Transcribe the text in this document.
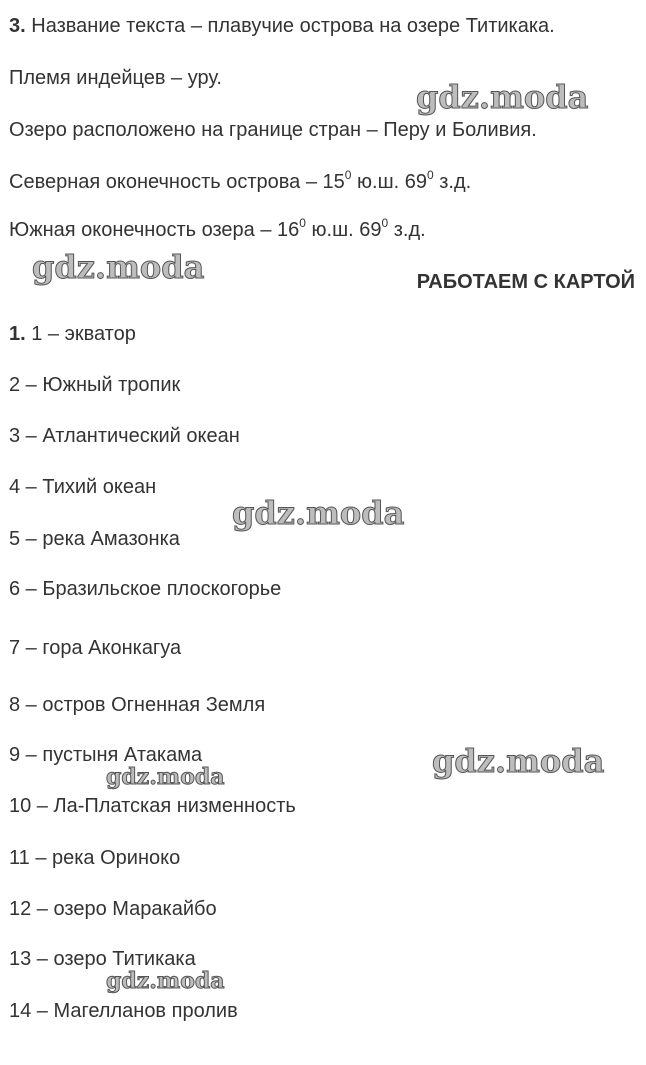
3. Название текста – плавучие острова на озере Титикака.
Племя индейцев – уру.
Озеро расположено на границе стран – Перу и Боливия.
Северная оконечность острова – $15^0$ ю.ш. $69^0$ з.д.
Южная оконечность озера – $16^0$ ю.ш. $69^0$ з.д.
РАБОТАЕМ С КАРТОЙ
1. 1 – экватор
2 – Южный тропик
3 – Атлантический океан
4 – Тихий океан
5 – река Амазонка
6 – Бразильское плоскогорье
7 – гора Аконкагуа
8 – остров Огненная Земля
9 – пустыня Атакама
10 – Ла-Платская низменность
11 – река Ориноко
12 – озеро Маракайбо
13 – озеро Титикака
14 – Магелланов пролив
gdz.moda
gdz.moda
gdz.moda
gdz.moda
gdz.moda
gdz.moda
